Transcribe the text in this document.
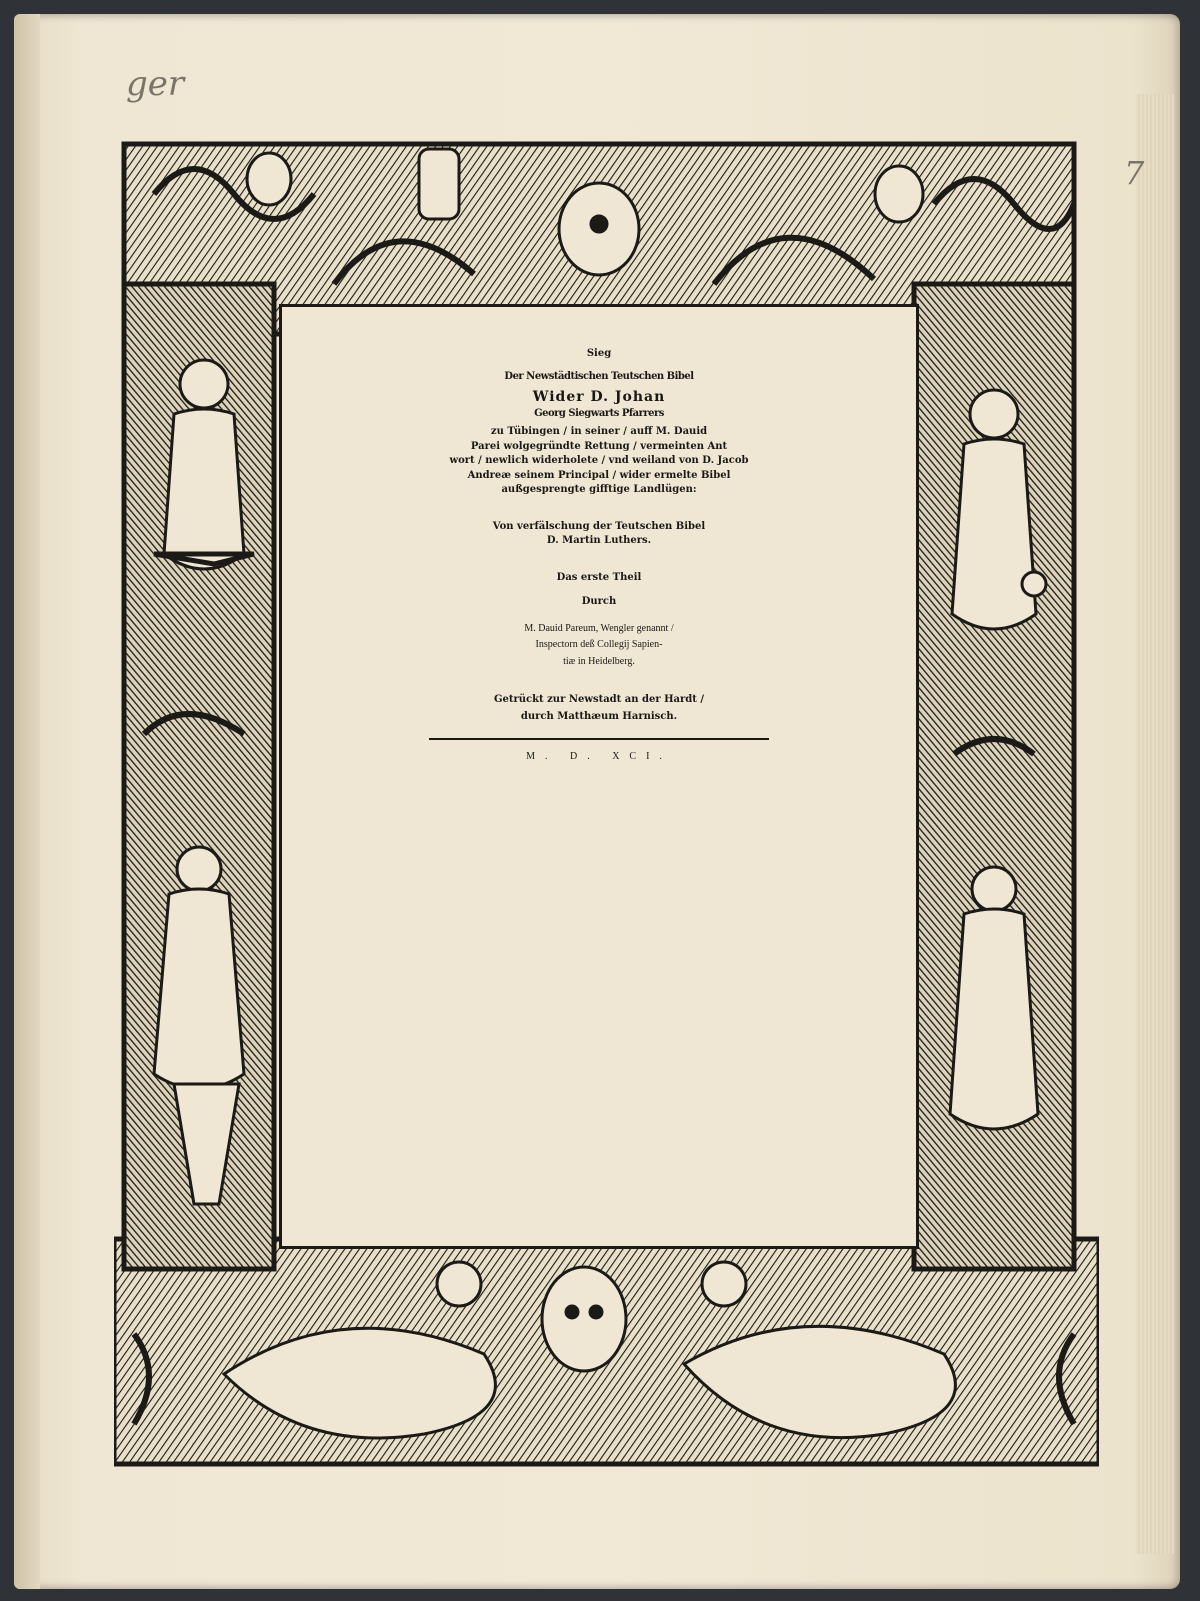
ger
7
Sieg
Der Newstädtischen Teutschen Bibel
Wider D. Johan
Georg Siegwarts Pfarrers
zu Tübingen / in seiner / auff M. Dauid
Parei wolgegründte Rettung / vermeinten Ant
wort / newlich widerholete / vnd weiland von D. Jacob
Andreæ seinem Principal / wider ermelte Bibel
außgesprengte gifftige Landlügen:
Von verfälschung der Teutschen Bibel
D. Martin Luthers.
Das erste Theil
Durch
M. Dauid Pareum, Wengler genannt /
Inspectorn deß Collegij Sapien-
tiæ in Heidelberg.
Getrückt zur Newstadt an der Hardt /
durch Matthæum Harnisch.
M. D. XCI.
